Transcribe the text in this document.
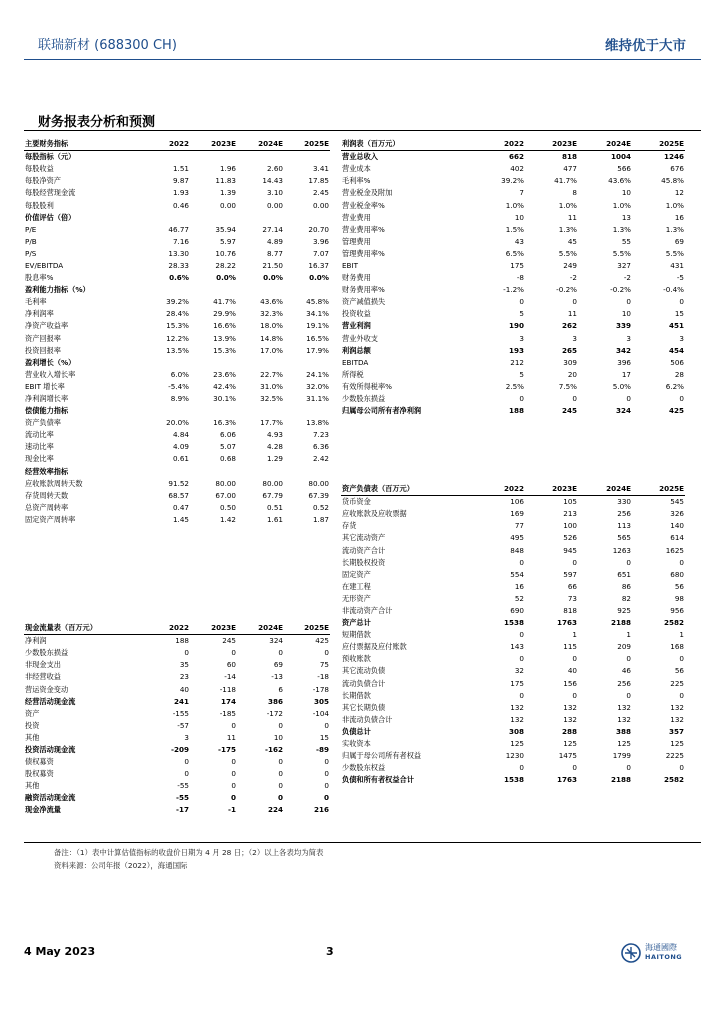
联瑞新材 (688300 CH)	维持优于大市
财务报表分析和预测
主要财务指标	2022	2023E	2024E	2025E
每股指标（元）				
每股收益	1.51	1.96	2.60	3.41
每股净资产	9.87	11.83	14.43	17.85
每股经营现金流	1.93	1.39	3.10	2.45
每股股利	0.46	0.00	0.00	0.00
价值评估（倍）				
P/E	46.77	35.94	27.14	20.70
P/B	7.16	5.97	4.89	3.96
P/S	13.30	10.76	8.77	7.07
EV/EBITDA	28.33	28.22	21.50	16.37
股息率%	0.6%	0.0%	0.0%	0.0%
盈利能力指标（%）				
毛利率	39.2%	41.7%	43.6%	45.8%
净利润率	28.4%	29.9%	32.3%	34.1%
净资产收益率	15.3%	16.6%	18.0%	19.1%
资产回报率	12.2%	13.9%	14.8%	16.5%
投资回报率	13.5%	15.3%	17.0%	17.9%
盈利增长（%）				
营业收入增长率	6.0%	23.6%	22.7%	24.1%
EBIT 增长率	-5.4%	42.4%	31.0%	32.0%
净利润增长率	8.9%	30.1%	32.5%	31.1%
偿债能力指标				
资产负债率	20.0%	16.3%	17.7%	13.8%
流动比率	4.84	6.06	4.93	7.23
速动比率	4.09	5.07	4.28	6.36
现金比率	0.61	0.68	1.29	2.42
经营效率指标				
应收账款周转天数	91.52	80.00	80.00	80.00
存货周转天数	68.57	67.00	67.79	67.39
总资产周转率	0.47	0.50	0.51	0.52
固定资产周转率	1.45	1.42	1.61	1.87
现金流量表（百万元）	2022	2023E	2024E	2025E
净利润	188	245	324	425
少数股东损益	0	0	0	0
非现金支出	35	60	69	75
非经营收益	23	-14	-13	-18
营运资金变动	40	-118	6	-178
经营活动现金流	241	174	386	305
资产	-155	-185	-172	-104
投资	-57	0	0	0
其他	3	11	10	15
投资活动现金流	-209	-175	-162	-89
债权募资	0	0	0	0
股权募资	0	0	0	0
其他	-55	0	0	0
融资活动现金流	-55	0	0	0
现金净流量	-17	-1	224	216
利润表（百万元）	2022	2023E	2024E	2025E
营业总收入	662	818	1004	1246
营业成本	402	477	566	676
毛利率%	39.2%	41.7%	43.6%	45.8%
营业税金及附加	7	8	10	12
营业税金率%	1.0%	1.0%	1.0%	1.0%
营业费用	10	11	13	16
营业费用率%	1.5%	1.3%	1.3%	1.3%
管理费用	43	45	55	69
管理费用率%	6.5%	5.5%	5.5%	5.5%
EBIT	175	249	327	431
财务费用	-8	-2	-2	-5
财务费用率%	-1.2%	-0.2%	-0.2%	-0.4%
资产减值损失	0	0	0	0
投资收益	5	11	10	15
营业利润	190	262	339	451
营业外收支	3	3	3	3
利润总额	193	265	342	454
EBITDA	212	309	396	506
所得税	5	20	17	28
有效所得税率%	2.5%	7.5%	5.0%	6.2%
少数股东损益	0	0	0	0
归属母公司所有者净利润	188	245	324	425
资产负债表（百万元）	2022	2023E	2024E	2025E
货币资金	106	105	330	545
应收账款及应收票据	169	213	256	326
存货	77	100	113	140
其它流动资产	495	526	565	614
流动资产合计	848	945	1263	1625
长期股权投资	0	0	0	0
固定资产	554	597	651	680
在建工程	16	66	86	56
无形资产	52	73	82	98
非流动资产合计	690	818	925	956
资产总计	1538	1763	2188	2582
短期借款	0	1	1	1
应付票据及应付账款	143	115	209	168
预收账款	0	0	0	0
其它流动负债	32	40	46	56
流动负债合计	175	156	256	225
长期借款	0	0	0	0
其它长期负债	132	132	132	132
非流动负债合计	132	132	132	132
负债总计	308	288	388	357
实收资本	125	125	125	125
归属于母公司所有者权益	1230	1475	1799	2225
少数股东权益	0	0	0	0
负债和所有者权益合计	1538	1763	2188	2582
备注：（1）表中计算估值指标的收盘价日期为 4 月 28 日；（2）以上各表均为简表
资料来源：公司年报（2022），海通国际
4 May 2023	3	海通國際
HAITONG
